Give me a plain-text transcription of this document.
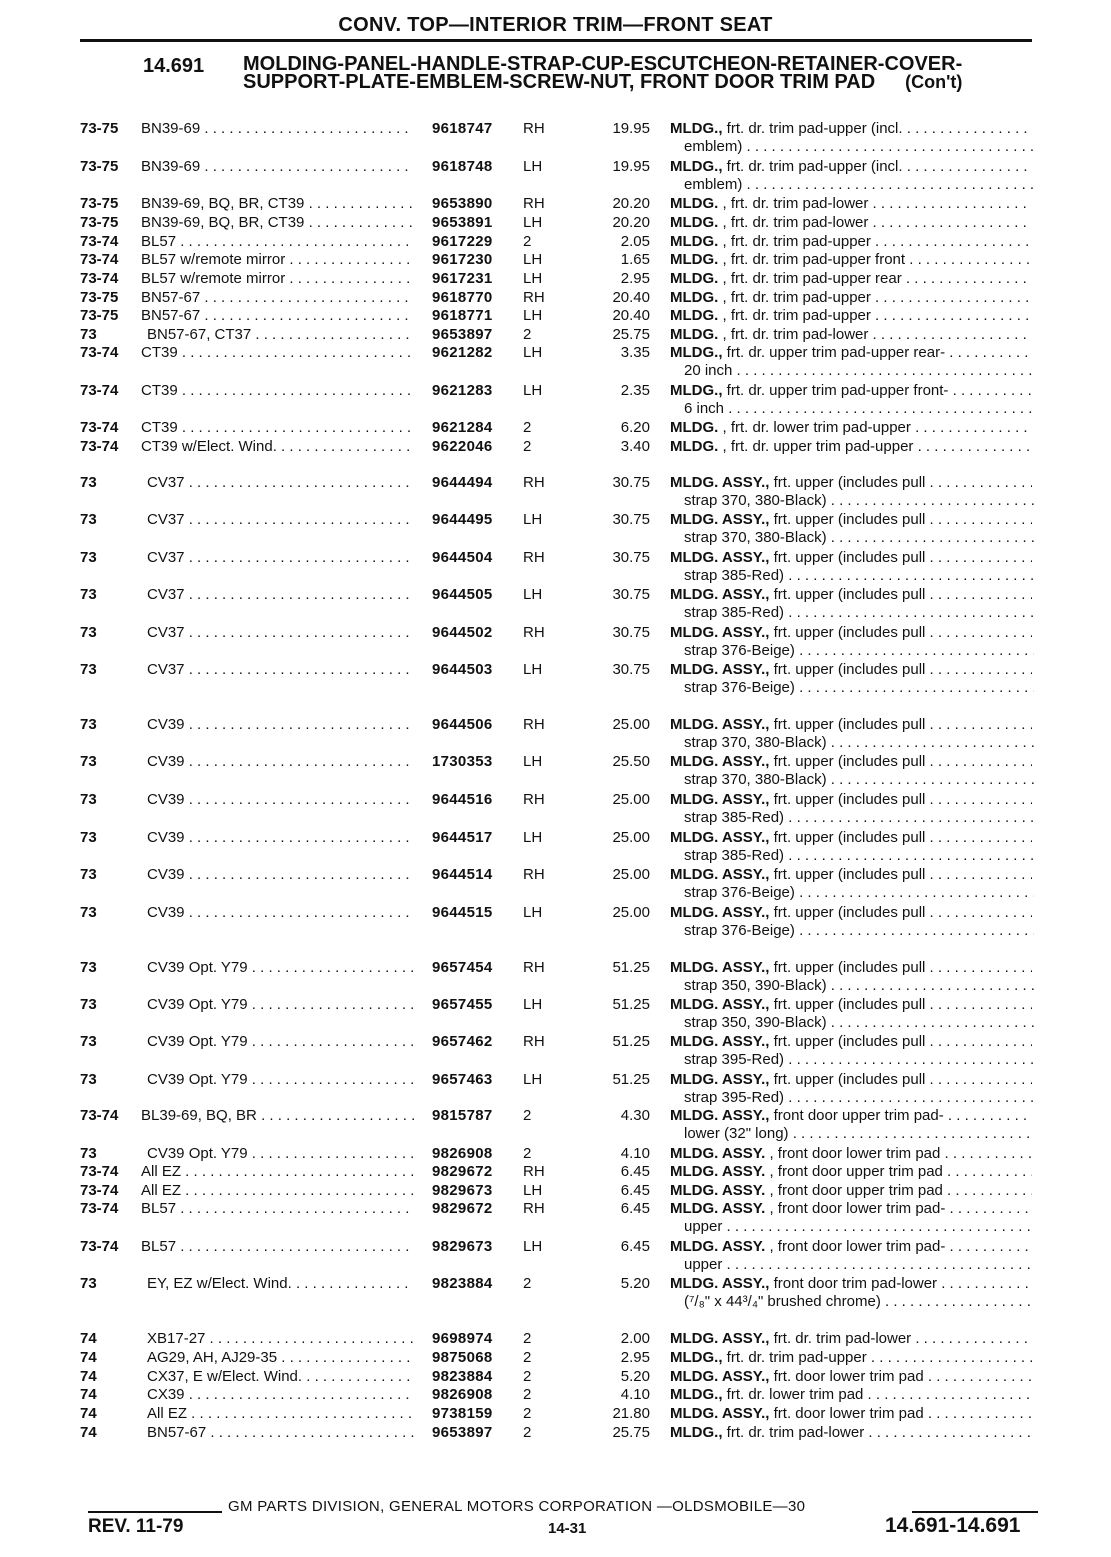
CONV. TOP—INTERIOR TRIM—FRONT SEAT
14.691 MOLDING-PANEL-HANDLE-STRAP-CUP-ESCUTCHEON-RETAINER-COVER-SUPPORT-PLATE-EMBLEM-SCREW-NUT, FRONT DOOR TRIM PAD (Con't)
73-75 BN39-69 . . .	9618747 RH	19.95 MLDG., frt. dr. trim pad-upper (incl. . . .
emblem) . . .
73-75 BN39-69 . . .	9618748 LH	19.95 MLDG., frt. dr. trim pad-upper (incl. . . .
emblem) . . .
73-75 BN39-69, BQ, BR, CT39 . . .	9653890 RH	20.20 MLDG. , frt. dr. trim pad-lower . . .
73-75 BN39-69, BQ, BR, CT39 . . .	9653891 LH	20.20 MLDG. , frt. dr. trim pad-lower . . .
73-74 BL57 . . .	9617229 2	2.05 MLDG. , frt. dr. trim pad-upper . . .
73-74 BL57 w/remote mirror . . .	9617230 LH	1.65 MLDG. , frt. dr. trim pad-upper front . . .
73-74 BL57 w/remote mirror . . .	9617231 LH	2.95 MLDG. , frt. dr. trim pad-upper rear . . .
73-75 BN57-67 . . .	9618770 RH	20.40 MLDG. , frt. dr. trim pad-upper . . .
73-75 BN57-67 . . .	9618771 LH	20.40 MLDG. , frt. dr. trim pad-upper . . .
73	BN57-67, CT37 . . .	9653897 2	25.75 MLDG. , frt. dr. trim pad-lower . . .
73-74 CT39 . . .	9621282 LH	3.35 MLDG., frt. dr. upper trim pad-upper rear- . . .
20 inch . . .
73-74 CT39 . . .	9621283 LH	2.35 MLDG., frt. dr. upper trim pad-upper front- . . .
6 inch . . .
73-74 CT39 . . .	9621284 2	6.20 MLDG. , frt. dr. lower trim pad-upper . . .
73-74 CT39 w/Elect. Wind. . . .	9622046 2	3.40 MLDG. , frt. dr. upper trim pad-upper . . .
73	CV37 . . .	9644494 RH	30.75 MLDG. ASSY., frt. upper (includes pull . . .
strap 370, 380-Black) . . .
73	CV37 . . .	9644495 LH	30.75 MLDG. ASSY., frt. upper (includes pull . . .
strap 370, 380-Black) . . .
73	CV37 . . .	9644504 RH	30.75 MLDG. ASSY., frt. upper (includes pull . . .
strap 385-Red) . . .
73	CV37 . . .	9644505 LH	30.75 MLDG. ASSY., frt. upper (includes pull . . .
strap 385-Red) . . .
73	CV37 . . .	9644502 RH	30.75 MLDG. ASSY., frt. upper (includes pull . . .
strap 376-Beige) . . .
73	CV37 . . .	9644503 LH	30.75 MLDG. ASSY., frt. upper (includes pull . . .
strap 376-Beige) . . .
73	CV39 . . .	9644506 RH	25.00 MLDG. ASSY., frt. upper (includes pull . . .
strap 370, 380-Black) . . .
73	CV39 . . .	1730353 LH	25.50 MLDG. ASSY., frt. upper (includes pull . . .
strap 370, 380-Black) . . .
73	CV39 . . .	9644516 RH	25.00 MLDG. ASSY., frt. upper (includes pull . . .
strap 385-Red) . . .
73	CV39 . . .	9644517 LH	25.00 MLDG. ASSY., frt. upper (includes pull . . .
strap 385-Red) . . .
73	CV39 . . .	9644514 RH	25.00 MLDG. ASSY., frt. upper (includes pull . . .
strap 376-Beige) . . .
73	CV39 . . .	9644515 LH	25.00 MLDG. ASSY., frt. upper (includes pull . . .
strap 376-Beige) . . .
73	CV39 Opt. Y79 . . .	9657454 RH	51.25 MLDG. ASSY., frt. upper (includes pull . . .
strap 350, 390-Black) . . .
73	CV39 Opt. Y79 . . .	9657455 LH	51.25 MLDG. ASSY., frt. upper (includes pull . . .
strap 350, 390-Black) . . .
73	CV39 Opt. Y79 . . .	9657462 RH	51.25 MLDG. ASSY., frt. upper (includes pull . . .
strap 395-Red) . . .
73	CV39 Opt. Y79 . . .	9657463 LH	51.25 MLDG. ASSY., frt. upper (includes pull . . .
strap 395-Red) . . .
73-74 BL39-69, BQ, BR . . .	9815787 2	4.30 MLDG. ASSY., front door upper trim pad- . . .
lower (32" long) . . .
73	CV39 Opt. Y79 . . .	9826908 2	4.10 MLDG. ASSY. , front door lower trim pad . . .
73-74 All EZ . . .	9829672 RH	6.45 MLDG. ASSY. , front door upper trim pad . . .
73-74 All EZ . . .	9829673 LH	6.45 MLDG. ASSY. , front door upper trim pad . . .
73-74 BL57 . . .	9829672 RH	6.45 MLDG. ASSY. , front door lower trim pad- . . .
upper . . .
73-74 BL57 . . .	9829673 LH	6.45 MLDG. ASSY. , front door lower trim pad- . . .
upper . . .
73	EY, EZ w/Elect. Wind. . . .	9823884 2	5.20 MLDG. ASSY., front door trim pad-lower . . .
(⁷/₈" x 44³/₄" brushed chrome) . . .
74	XB17-27 . . .	9698974 2	2.00 MLDG. ASSY., frt. dr. trim pad-lower . . .
74	AG29, AH, AJ29-35 . . .	9875068 2	2.95 MLDG., frt. dr. trim pad-upper . . .
74	CX37, E w/Elect. Wind. . . .	9823884 2	5.20 MLDG. ASSY., frt. door lower trim pad . . .
74	CX39 . . .	9826908 2	4.10 MLDG., frt. dr. lower trim pad . . .
74	All EZ . . .	9738159 2	21.80 MLDG. ASSY., frt. door lower trim pad . . .
74	BN57-67 . . .	9653897 2	25.75 MLDG., frt. dr. trim pad-lower . . .
GM PARTS DIVISION, GENERAL MOTORS CORPORATION —OLDSMOBILE—30
REV. 11-79	14-31	14.691-14.691
